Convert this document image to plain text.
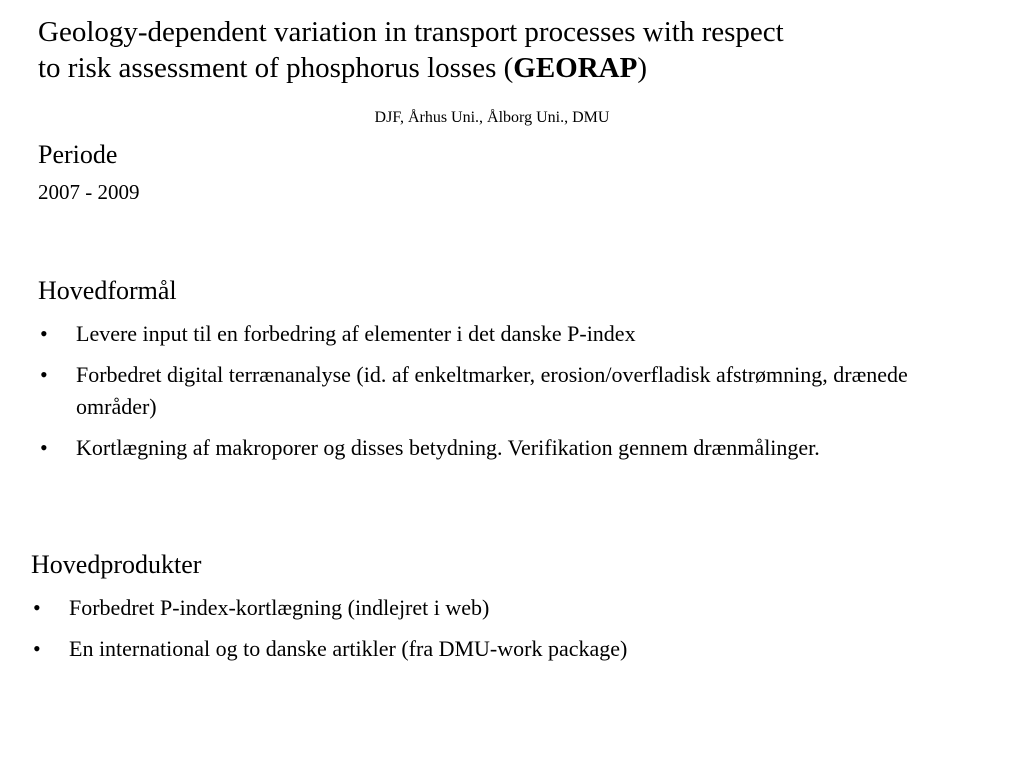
Geology-dependent variation in transport processes with respect
to risk assessment of phosphorus losses (GEORAP)
DJF, Århus Uni., Ålborg Uni., DMU
Periode
2007 - 2009
Hovedformål
• Levere input til en forbedring af elementer i det danske P-index
• Forbedret digital terrænanalyse (id. af enkeltmarker, erosion/overfladisk afstrømning, drænede områder)
• Kortlægning af makroporer og disses betydning. Verifikation gennem drænmålinger.
Hovedprodukter
• Forbedret P-index-kortlægning (indlejret i web)
• En international og to danske artikler (fra DMU-work package)
